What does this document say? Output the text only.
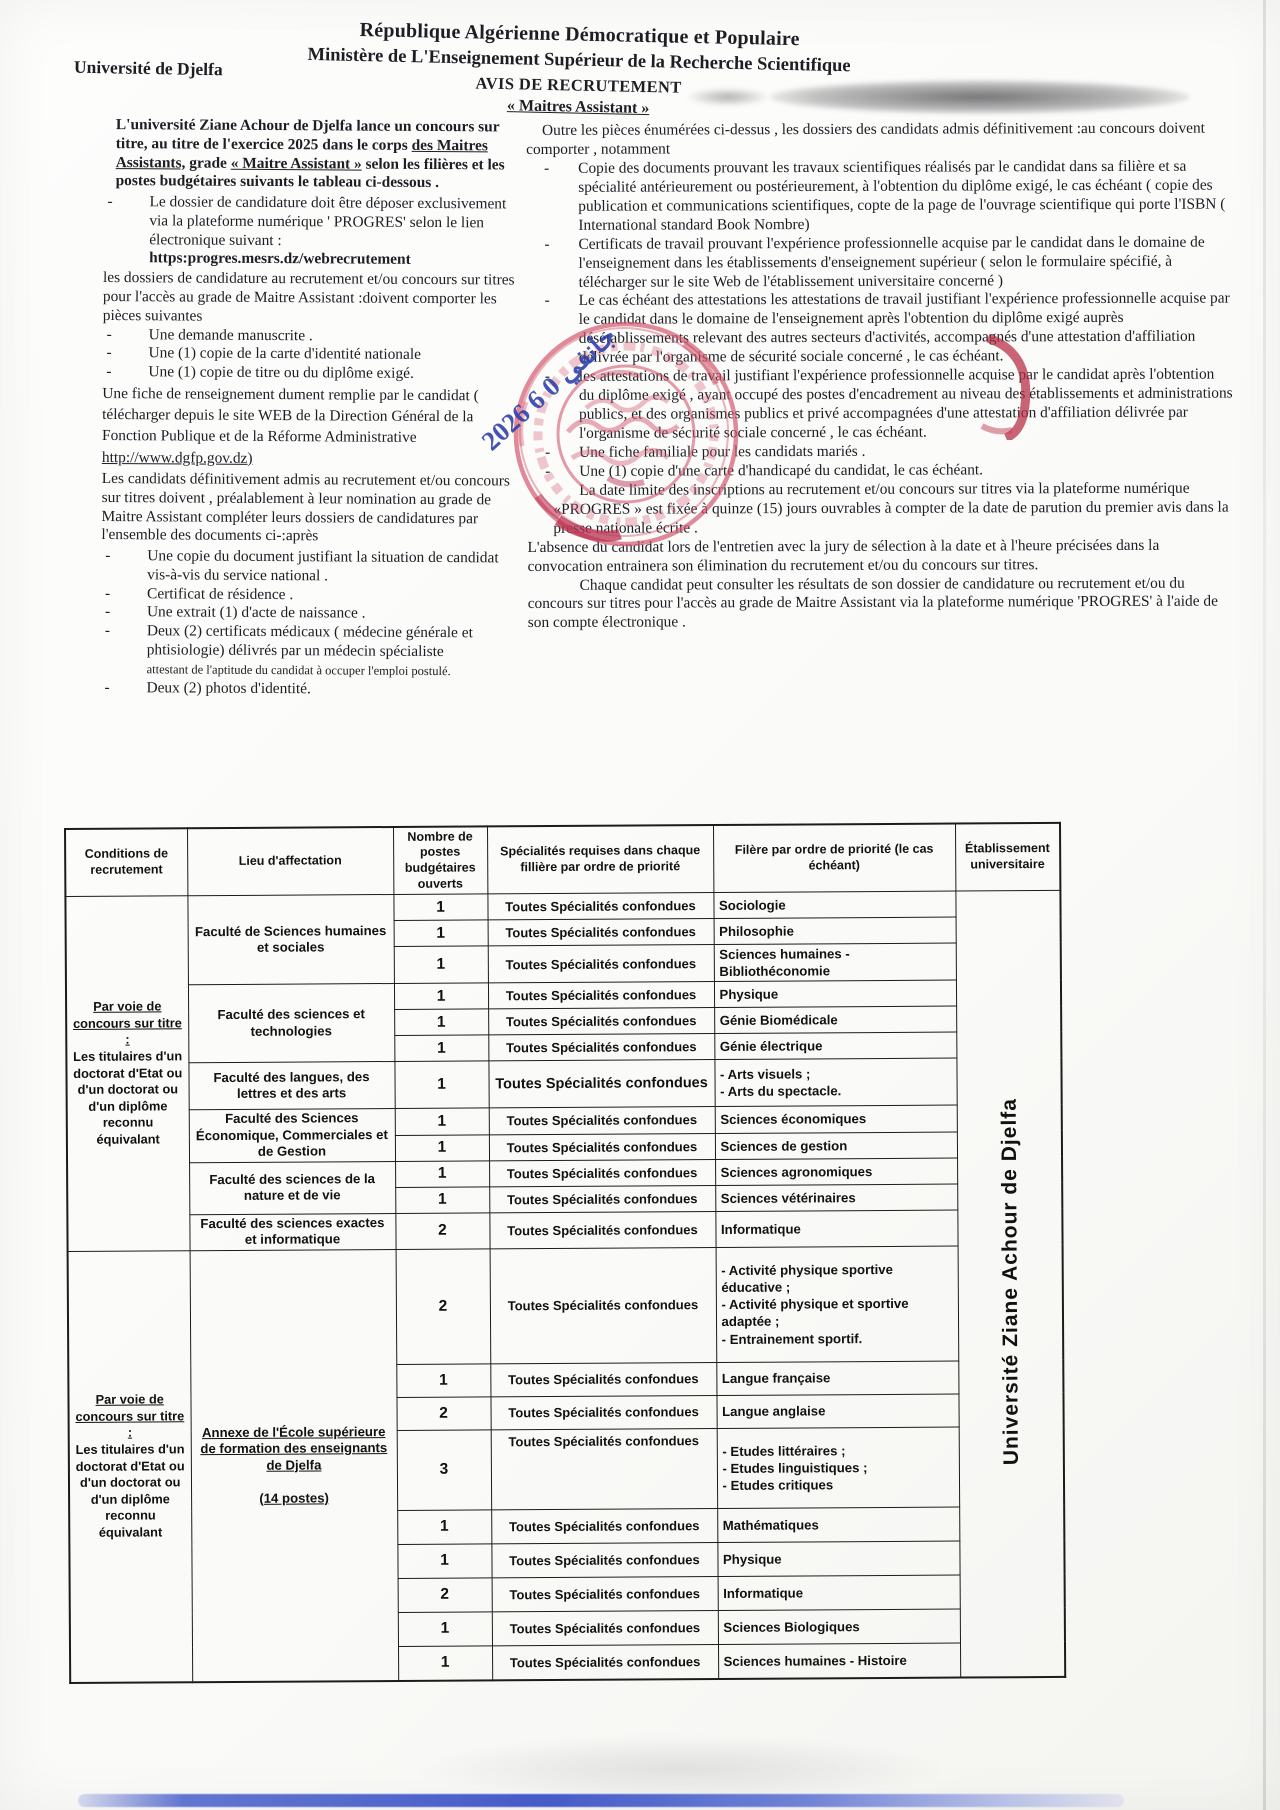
République Algérienne Démocratique et Populaire
Ministère de L'Enseignement Supérieur de la Recherche Scientifique
AVIS DE RECRUTEMENT
« Maitres Assistant »
Université de Djelfa

L'université Ziane Achour de Djelfa lance un concours sur titre, au titre de l'exercice 2025 dans le corps des Maitres Assistants, grade « Maitre Assistant » selon les filières et les postes budgétaires suivants le tableau ci-dessous .

- Le dossier de candidature doit être déposer exclusivement via la plateforme numérique ' PROGRES' selon le lien électronique suivant :
https:progres.mesrs.dz/webrecrutement

les dossiers de candidature au recrutement et/ou concours sur titres pour l'accès au grade de Maitre Assistant :doivent comporter les pièces suivantes

- Une demande manuscrite .
- Une (1) copie de la carte d'identité nationale
- Une (1) copie de titre ou du diplôme exigé.

Une fiche de renseignement dument remplie par le candidat ( télécharger depuis le site WEB de la Direction Général de la Fonction Publique et de la Réforme Administrative http://www.dgfp.gov.dz)

Les candidats définitivement admis au recrutement et/ou concours sur titres doivent , préalablement à leur nomination au grade de Maitre Assistant compléter leurs dossiers de candidatures par l'ensemble des documents ci-:après

- Une copie du document justifiant la situation de candidat vis-à-vis du service national .
- Certificat de résidence .
- Une extrait (1) d'acte de naissance .
- Deux (2) certificats médicaux ( médecine générale et phtisiologie) délivrés par un médecin spécialiste
attestant de l'aptitude du candidat à occuper l'emploi postulé.
- Deux (2) photos d'identité.

Outre les pièces énumérées ci-dessus , les dossiers des candidats admis définitivement :au concours doivent comporter , notamment

- Copie des documents prouvant les travaux scientifiques réalisés par le candidat dans sa filière et sa spécialité antérieurement ou postérieurement, à l'obtention du diplôme exigé, le cas échéant ( copie des publication et communications scientifiques, copte de la page de l'ouvrage scientifique qui porte l'ISBN ( International standard Book Nombre)
- Certificats de travail prouvant l'expérience professionnelle acquise par le candidat dans le domaine de l'enseignement dans les établissements d'enseignement supérieur ( selon le formulaire spécifié, à télécharger sur le site Web de l'établissement universitaire concerné )
- Le cas échéant des attestations les attestations de travail justifiant l'expérience professionnelle acquise par le candidat dans le domaine de l'enseignement après l'obtention du diplôme exigé auprès désétablissements relevant des autres secteurs d'activités, accompagnés d'une attestation d'affiliation délivrée par l'organisme de sécurité sociale concerné , le cas échéant.
- les attestations de travail justifiant l'expérience professionnelle acquise par le candidat après l'obtention du diplôme exigé , ayant occupé des postes d'encadrement au niveau des établissements et administrations publics, et des organismes publics et privé accompagnées d'une attestation d'affiliation délivrée par l'organisme de sécurité sociale concerné , le cas échéant.
- Une fiche familiale pour les candidats mariés .
- Une (1) copie d'une carte d'handicapé du candidat, le cas échéant.

La date limite des inscriptions au recrutement et/ou concours sur titres via la plateforme numérique «PROGRES » est fixée à quinze (15) jours ouvrables à compter de la date de parution du premier avis dans la presse nationale écrite .

L'absence du candidat lors de l'entretien avec la jury de sélection à la date et à l'heure précisées dans la convocation entrainera son élimination du recrutement et/ou du concours sur titres.

Chaque candidat peut consulter les résultats de son dossier de candidature ou recrutement et/ou du concours sur titres pour l'accès au grade de Maitre Assistant via la plateforme numérique 'PROGRES' à l'aide de son compte électronique .

2026 جانفي 0 6
Conditions de recrutement	Lieu d'affectation	Nombre de postes budgétaires ouverts	Spécialités requises dans chaque fillière par ordre de priorité	Filère par ordre de priorité (le cas échéant)	Établissement universitaire
Par voie de concours sur titre :
Les titulaires d'un doctorat d'Etat ou d'un doctorat ou d'un diplôme reconnu équivalant	Faculté de Sciences humaines et sociales	1	Toutes Spécialités confondues	Sociologie	Université Ziane Achour de Djelfa
		1	Toutes Spécialités confondues	Philosophie	
		1	Toutes Spécialités confondues	Sciences humaines - Bibliothéconomie	
	Faculté des sciences et technologies	1	Toutes Spécialités confondues	Physique	
		1	Toutes Spécialités confondues	Génie Biomédicale	
		1	Toutes Spécialités confondues	Génie électrique	
	Faculté des langues, des lettres et des arts	1	Toutes Spécialités confondues	- Arts visuels ;
- Arts du spectacle.	
	Faculté des Sciences Économique, Commerciales et de Gestion	1	Toutes Spécialités confondues	Sciences économiques	
		1	Toutes Spécialités confondues	Sciences de gestion	
	Faculté des sciences de la nature et de vie	1	Toutes Spécialités confondues	Sciences agronomiques	
		1	Toutes Spécialités confondues	Sciences vétérinaires	
	Faculté des sciences exactes et informatique	2	Toutes Spécialités confondues	Informatique	
Par voie de concours sur titre :
Les titulaires d'un doctorat d'Etat ou d'un doctorat ou d'un diplôme reconnu équivalant	Annexe de l'École supérieure de formation des enseignants de Djelfa

(14 postes)	2	Toutes Spécialités confondues	- Activité physique sportive
éducative ;
- Activité physique et sportive
adaptée ;
- Entrainement sportif.	
		1	Toutes Spécialités confondues	Langue française	
		2	Toutes Spécialités confondues	Langue anglaise	
		3	Toutes Spécialités confondues	- Etudes littéraires ;
- Etudes linguistiques ;
- Etudes critiques	
		1	Toutes Spécialités confondues	Mathématiques	
		1	Toutes Spécialités confondues	Physique	
		2	Toutes Spécialités confondues	Informatique	
		1	Toutes Spécialités confondues	Sciences Biologiques	
		1	Toutes Spécialités confondues	Sciences humaines - Histoire	
